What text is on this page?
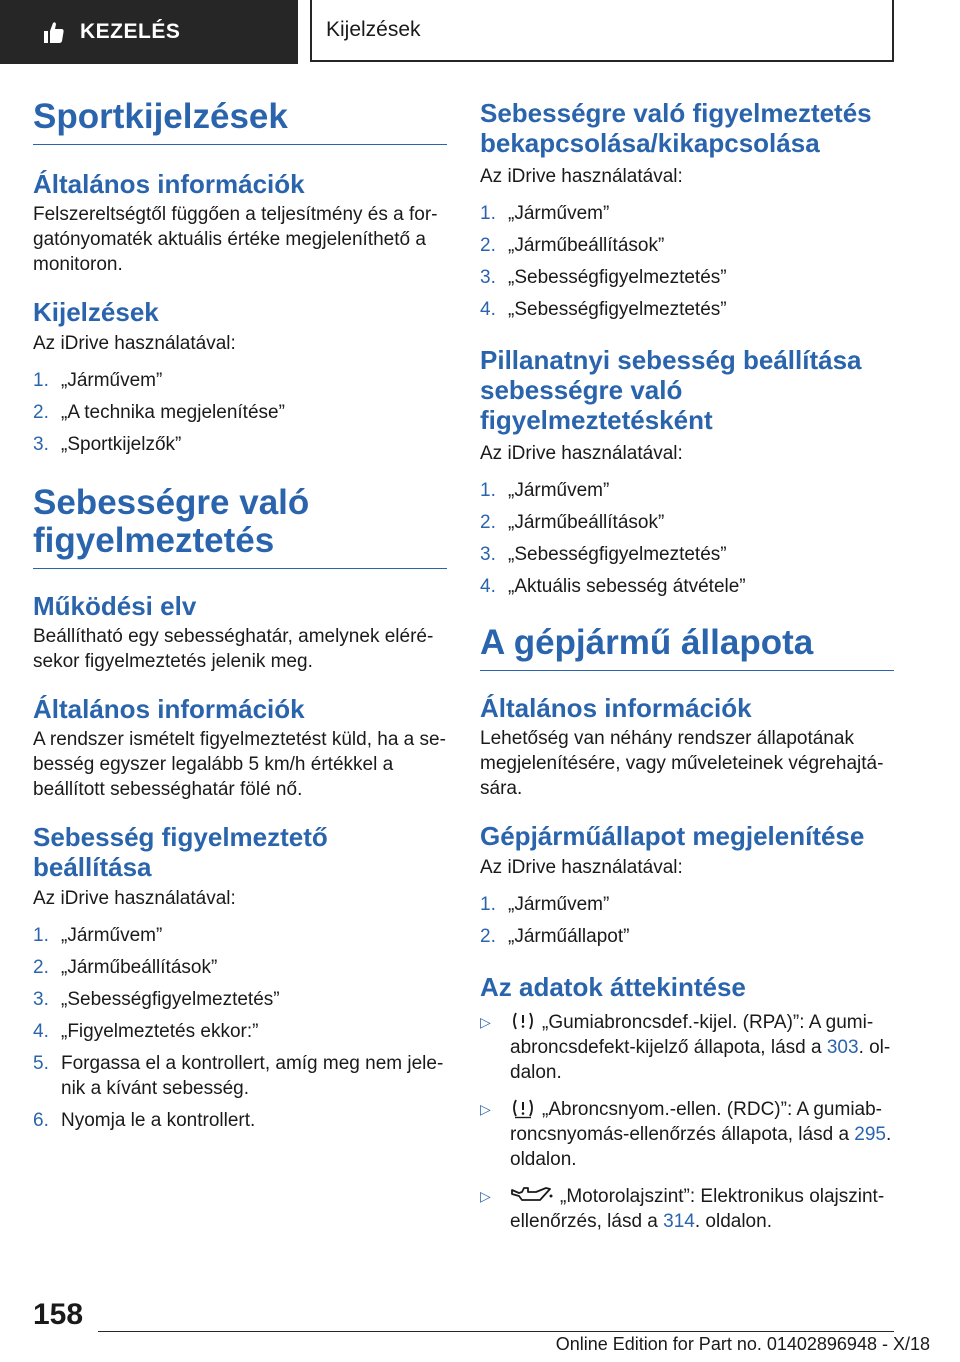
KEZELÉS	Kijelzések
Sportkijelzések
Általános információk

Felszereltségtől függően a teljesítmény és a forgatónyomaték aktuális értéke megjeleníthető a monitoron.

Kijelzések

Az iDrive használatával:

1. „Járművem”
2. „A technika megjelenítése”
3. „Sportkijelzők”
Sebességre való figyelmeztetés
Működési elv

Beállítható egy sebességhatár, amelynek elérésekor figyelmeztetés jelenik meg.

Általános információk

A rendszer ismételt figyelmeztetést küld, ha a sebesség egyszer legalább 5 km/h értékkel a beállított sebességhatár fölé nő.

Sebesség figyelmeztető beállítása

Az iDrive használatával:

1. „Járművem”
2. „Járműbeállítások”
3. „Sebességfigyelmeztetés”
4. „Figyelmeztetés ekkor:”
5. Forgassa el a kontrollert, amíg meg nem jelenik a kívánt sebesség.
6. Nyomja le a kontrollert.
Sebességre való figyelmeztetés bekapcsolása/kikapcsolása

Az iDrive használatával:

1. „Járművem”
2. „Járműbeállítások”
3. „Sebességfigyelmeztetés”
4. „Sebességfigyelmeztetés”
Pillanatnyi sebesség beállítása sebességre való figyelmeztetésként

Az iDrive használatával:

1. „Járművem”
2. „Járműbeállítások”
3. „Sebességfigyelmeztetés”
4. „Aktuális sebesség átvétele”
A gépjármű állapota
Általános információk

Lehetőség van néhány rendszer állapotának megjelenítésére, vagy műveleteinek végrehajtására.

Gépjárműállapot megjelenítése

Az iDrive használatával:

1. „Járművem”
2. „Járműállapot”
Az adatok áttekintése
▷	„Gumiabroncsdef.-kijel. (RPA)”: A gumiabroncsdefekt-kijelző állapota, lásd a 303. oldalon.
▷	„Abroncsnyom.-ellen. (RDC)”: A gumiabroncsnyomás-ellenőrzés állapota, lásd a 295. oldalon.
▷	„Motorolajszint”: Elektronikus olajszint-ellenőrzés, lásd a 314. oldalon.
158
Online Edition for Part no. 01402896948 - X/18
